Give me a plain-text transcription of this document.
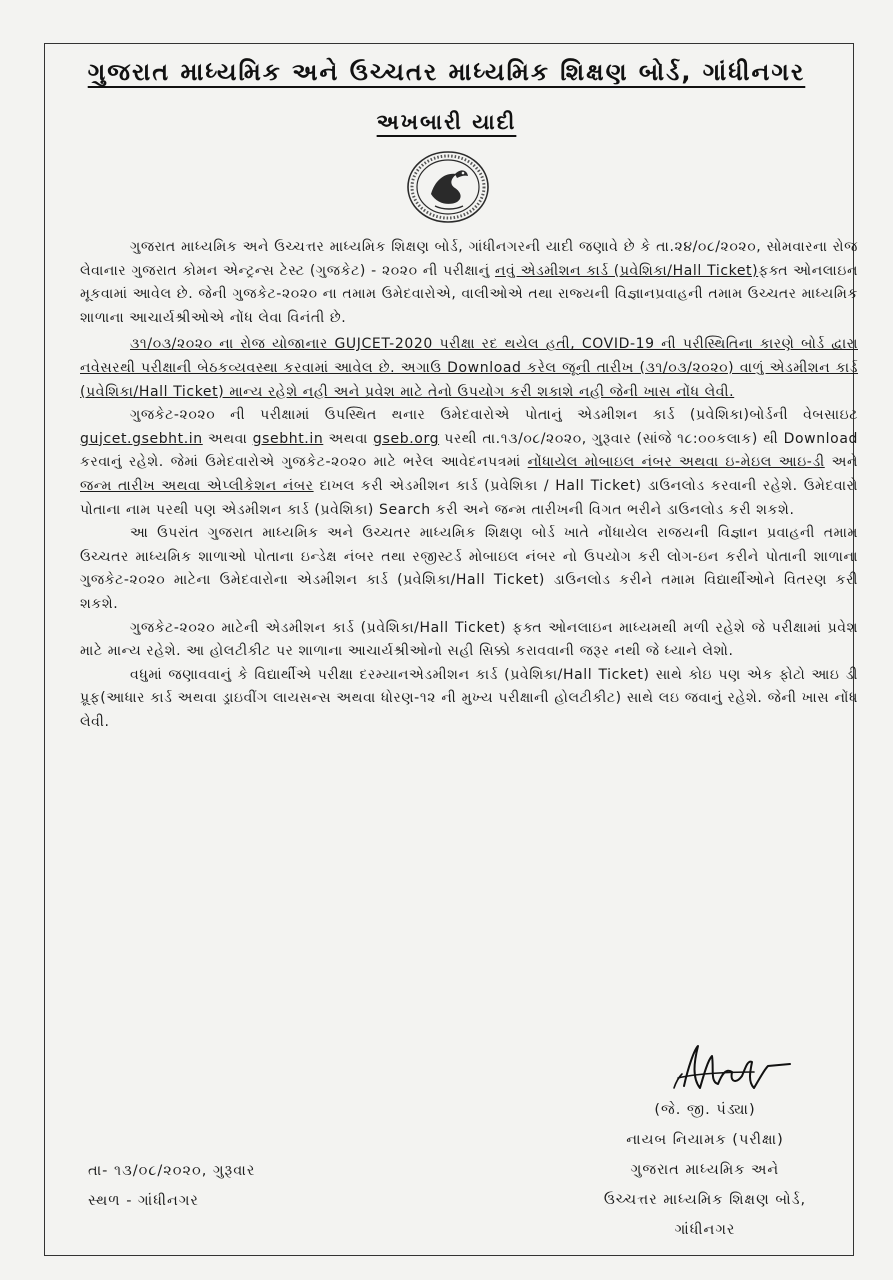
ગુજરાત માધ્યમિક અને ઉચ્ચતર માધ્યમિક શિક્ષણ બોર્ડ, ગાંધીનગર
અખબારી યાદી

ગુજરાત માધ્યમિક અને ઉચ્ચત્તર માધ્યમિક શિક્ષણ બોર્ડ, ગાંધીનગરની યાદી જણાવે છે કે તા.૨૪/૦૮/૨૦૨૦, સોમવારના રોજ લેવાનાર ગુજરાત કોમન એન્ટ્રન્સ ટેસ્ટ (ગુજકેટ) - ૨૦૨૦ ની પરીક્ષાનું નવું એડમીશન કાર્ડ (પ્રવેશિકા/Hall Ticket)ફક્ત ઓનલાઇન મૂકવામાં આવેલ છે. જેની ગુજકેટ-૨૦૨૦ ના તમામ ઉમેદવારોએ, વાલીઓએ તથા રાજ્યની વિજ્ઞાનપ્રવાહની તમામ ઉચ્ચતર માધ્યમિક શાળાના આચાર્યશ્રીઓએ નોંધ લેવા વિનંતી છે.

૩૧/૦૩/૨૦૨૦ ના રોજ યોજાનાર GUJCET-2020 પરીક્ષા રદ થયેલ હતી, COVID-19 ની પરીસ્થિતિના કારણે બોર્ડ દ્વારા નવેસરથી પરીક્ષાની બેઠકવ્યવસ્થા કરવામાં આવેલ છે. અગાઉ Download કરેલ જૂની તારીખ (૩૧/૦૩/૨૦૨૦) વાળું એડમીશન કાર્ડ (પ્રવેશિકા/Hall Ticket) માન્ય રહેશે નહી અને પ્રવેશ માટે તેનો ઉપયોગ કરી શકાશે નહી જેની ખાસ નોંધ લેવી.

ગુજકેટ-૨૦૨૦ ની પરીક્ષામાં ઉપસ્થિત થનાર ઉમેદવારોએ પોતાનું એડમીશન કાર્ડ (પ્રવેશિકા)બોર્ડની વેબસાઇટ gujcet.gsebht.in અથવા gsebht.in અથવા gseb.org પરથી તા.૧૩/૦૮/૨૦૨૦, ગુરૂવાર (સાંજે ૧૮:૦૦કલાક) થી Download કરવાનું રહેશે. જેમાં ઉમેદવારોએ ગુજકેટ-૨૦૨૦ માટે ભરેલ આવેદનપત્રમાં નોંધાયેલ મોબાઇલ નંબર અથવા ઇ-મેઇલ આઇ-ડી અને જન્મ તારીખ અથવા એપ્લીકેશન નંબર દાખલ કરી એડમીશન કાર્ડ (પ્રવેશિકા / Hall Ticket) ડાઉનલોડ કરવાની રહેશે. ઉમેદવારો પોતાના નામ પરથી પણ એડમીશન કાર્ડ (પ્રવેશિકા) Search કરી અને જન્મ તારીખની વિગત ભરીને ડાઉનલોડ કરી શકશે.

આ ઉપરાંત ગુજરાત માધ્યમિક અને ઉચ્ચતર માધ્યમિક શિક્ષણ બોર્ડ ખાતે નોંધાયેલ રાજયની વિજ્ઞાન પ્રવાહની તમામ ઉચ્ચતર માધ્યમિક શાળાઓ પોતાના ઇન્ડેક્ષ નંબર તથા રજીસ્ટર્ડ મોબાઇલ નંબર નો ઉપયોગ કરી લોગ-ઇન કરીને પોતાની શાળાના ગુજકેટ-૨૦૨૦ માટેના ઉમેદવારોના એડમીશન કાર્ડ (પ્રવેશિકા/Hall Ticket) ડાઉનલોડ કરીને તમામ વિદ્યાર્થીઓને વિતરણ કરી શકશે.

ગુજકેટ-૨૦૨૦ માટેની એડમીશન કાર્ડ (પ્રવેશિકા/Hall Ticket) ફક્ત ઓનલાઇન માધ્યમથી મળી રહેશે જે પરીક્ષામાં પ્રવેશ માટે માન્ય રહેશે. આ હોલટીકીટ પર શાળાના આચાર્યશ્રીઓનો સહી સિક્કો કરાવવાની જરૂર નથી જે ધ્યાને લેશો.

વધુમાં જણાવવાનું કે વિદ્યાર્થીએ પરીક્ષા દરમ્યાનએડમીશન કાર્ડ (પ્રવેશિકા/Hall Ticket) સાથે કોઇ પણ એક ફોટો આઇ ડી પ્રૂફ(આધાર કાર્ડ અથવા ડ્રાઇવીંગ લાયસન્સ અથવા ધોરણ-૧૨ ની મુખ્ય પરીક્ષાની હોલટીકીટ) સાથે લઇ જવાનું રહેશે. જેની ખાસ નોંધ લેવી.

(જે. જી. પંડ્યા)
નાયબ નિયામક (પરીક્ષા)
ગુજરાત માધ્યમિક અને
ઉચ્ચત્તર માધ્યમિક શિક્ષણ બોર્ડ,
ગાંધીનગર
તા- ૧૩/૦૮/૨૦૨૦, ગુરૂવાર
સ્થળ - ગાંધીનગર
